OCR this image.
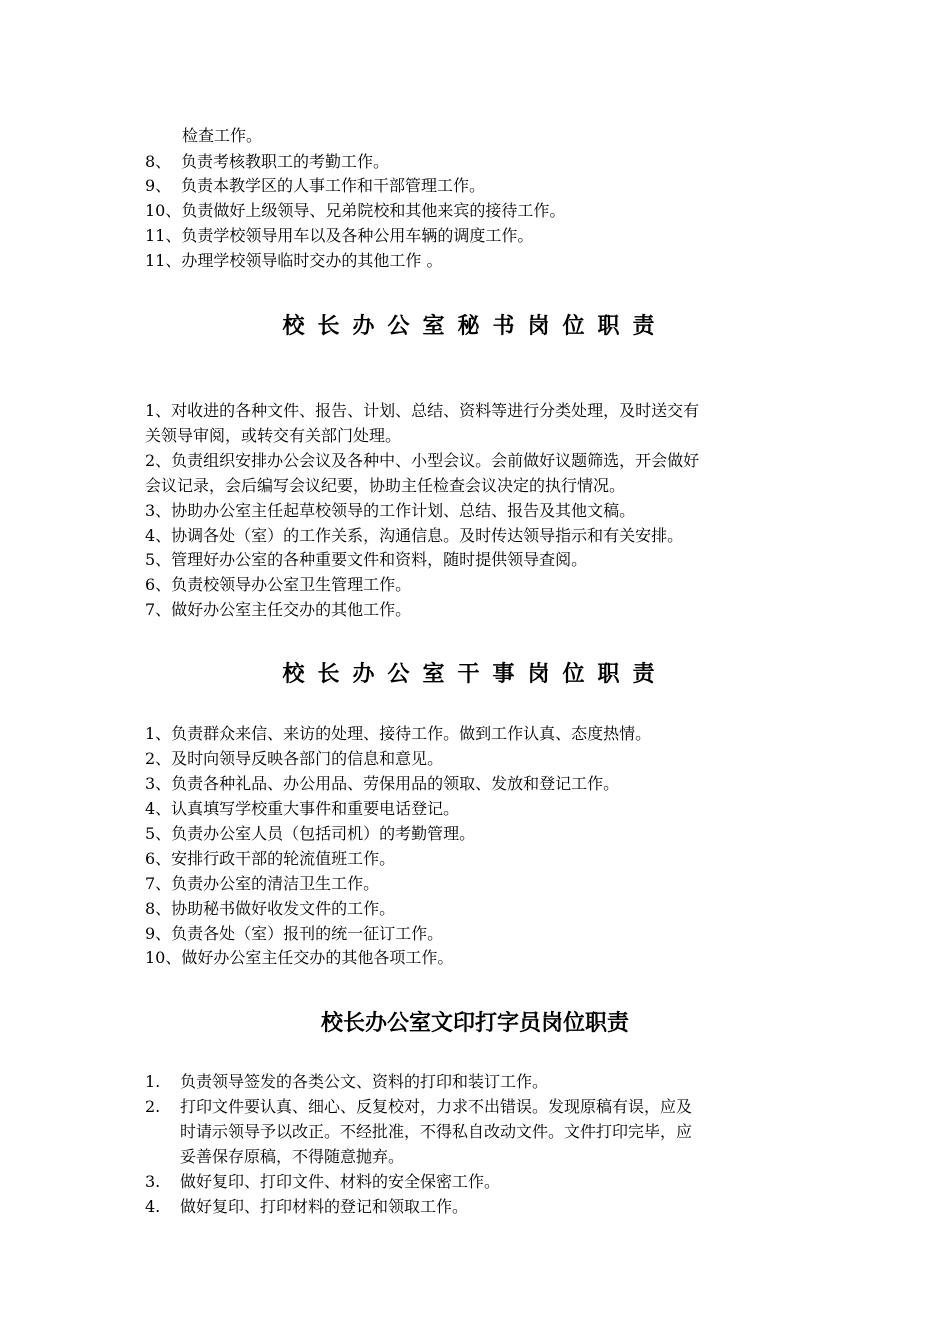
检查工作。
8、 负责考核教职工的考勤工作。
9、 负责本教学区的人事工作和干部管理工作。
10、负责做好上级领导、兄弟院校和其他来宾的接待工作。
11、负责学校领导用车以及各种公用车辆的调度工作。
11、办理学校领导临时交办的其他工作 。
校长办公室秘书岗位职责
1、对收进的各种文件、报告、计划、总结、资料等进行分类处理，及时送交有
关领导审阅，或转交有关部门处理。
2、负责组织安排办公会议及各种中、小型会议。会前做好议题筛选，开会做好
会议记录，会后编写会议纪要，协助主任检查会议决定的执行情况。
3、协助办公室主任起草校领导的工作计划、总结、报告及其他文稿。
4、协调各处（室）的工作关系，沟通信息。及时传达领导指示和有关安排。
5、管理好办公室的各种重要文件和资料，随时提供领导查阅。
6、负责校领导办公室卫生管理工作。
7、做好办公室主任交办的其他工作。
校长办公室干事岗位职责
1、负责群众来信、来访的处理、接待工作。做到工作认真、态度热情。
2、及时向领导反映各部门的信息和意见。
3、负责各种礼品、办公用品、劳保用品的领取、发放和登记工作。
4、认真填写学校重大事件和重要电话登记。
5、负责办公室人员（包括司机）的考勤管理。
6、安排行政干部的轮流值班工作。
7、负责办公室的清洁卫生工作。
8、协助秘书做好收发文件的工作。
9、负责各处（室）报刊的统一征订工作。
10、做好办公室主任交办的其他各项工作。
校长办公室文印打字员岗位职责
1. 负责领导签发的各类公文、资料的打印和装订工作。
2. 打印文件要认真、细心、反复校对，力求不出错误。发现原稿有误，应及
时请示领导予以改正。不经批准，不得私自改动文件。文件打印完毕，应
妥善保存原稿，不得随意抛弃。
3. 做好复印、打印文件、材料的安全保密工作。
4. 做好复印、打印材料的登记和领取工作。
